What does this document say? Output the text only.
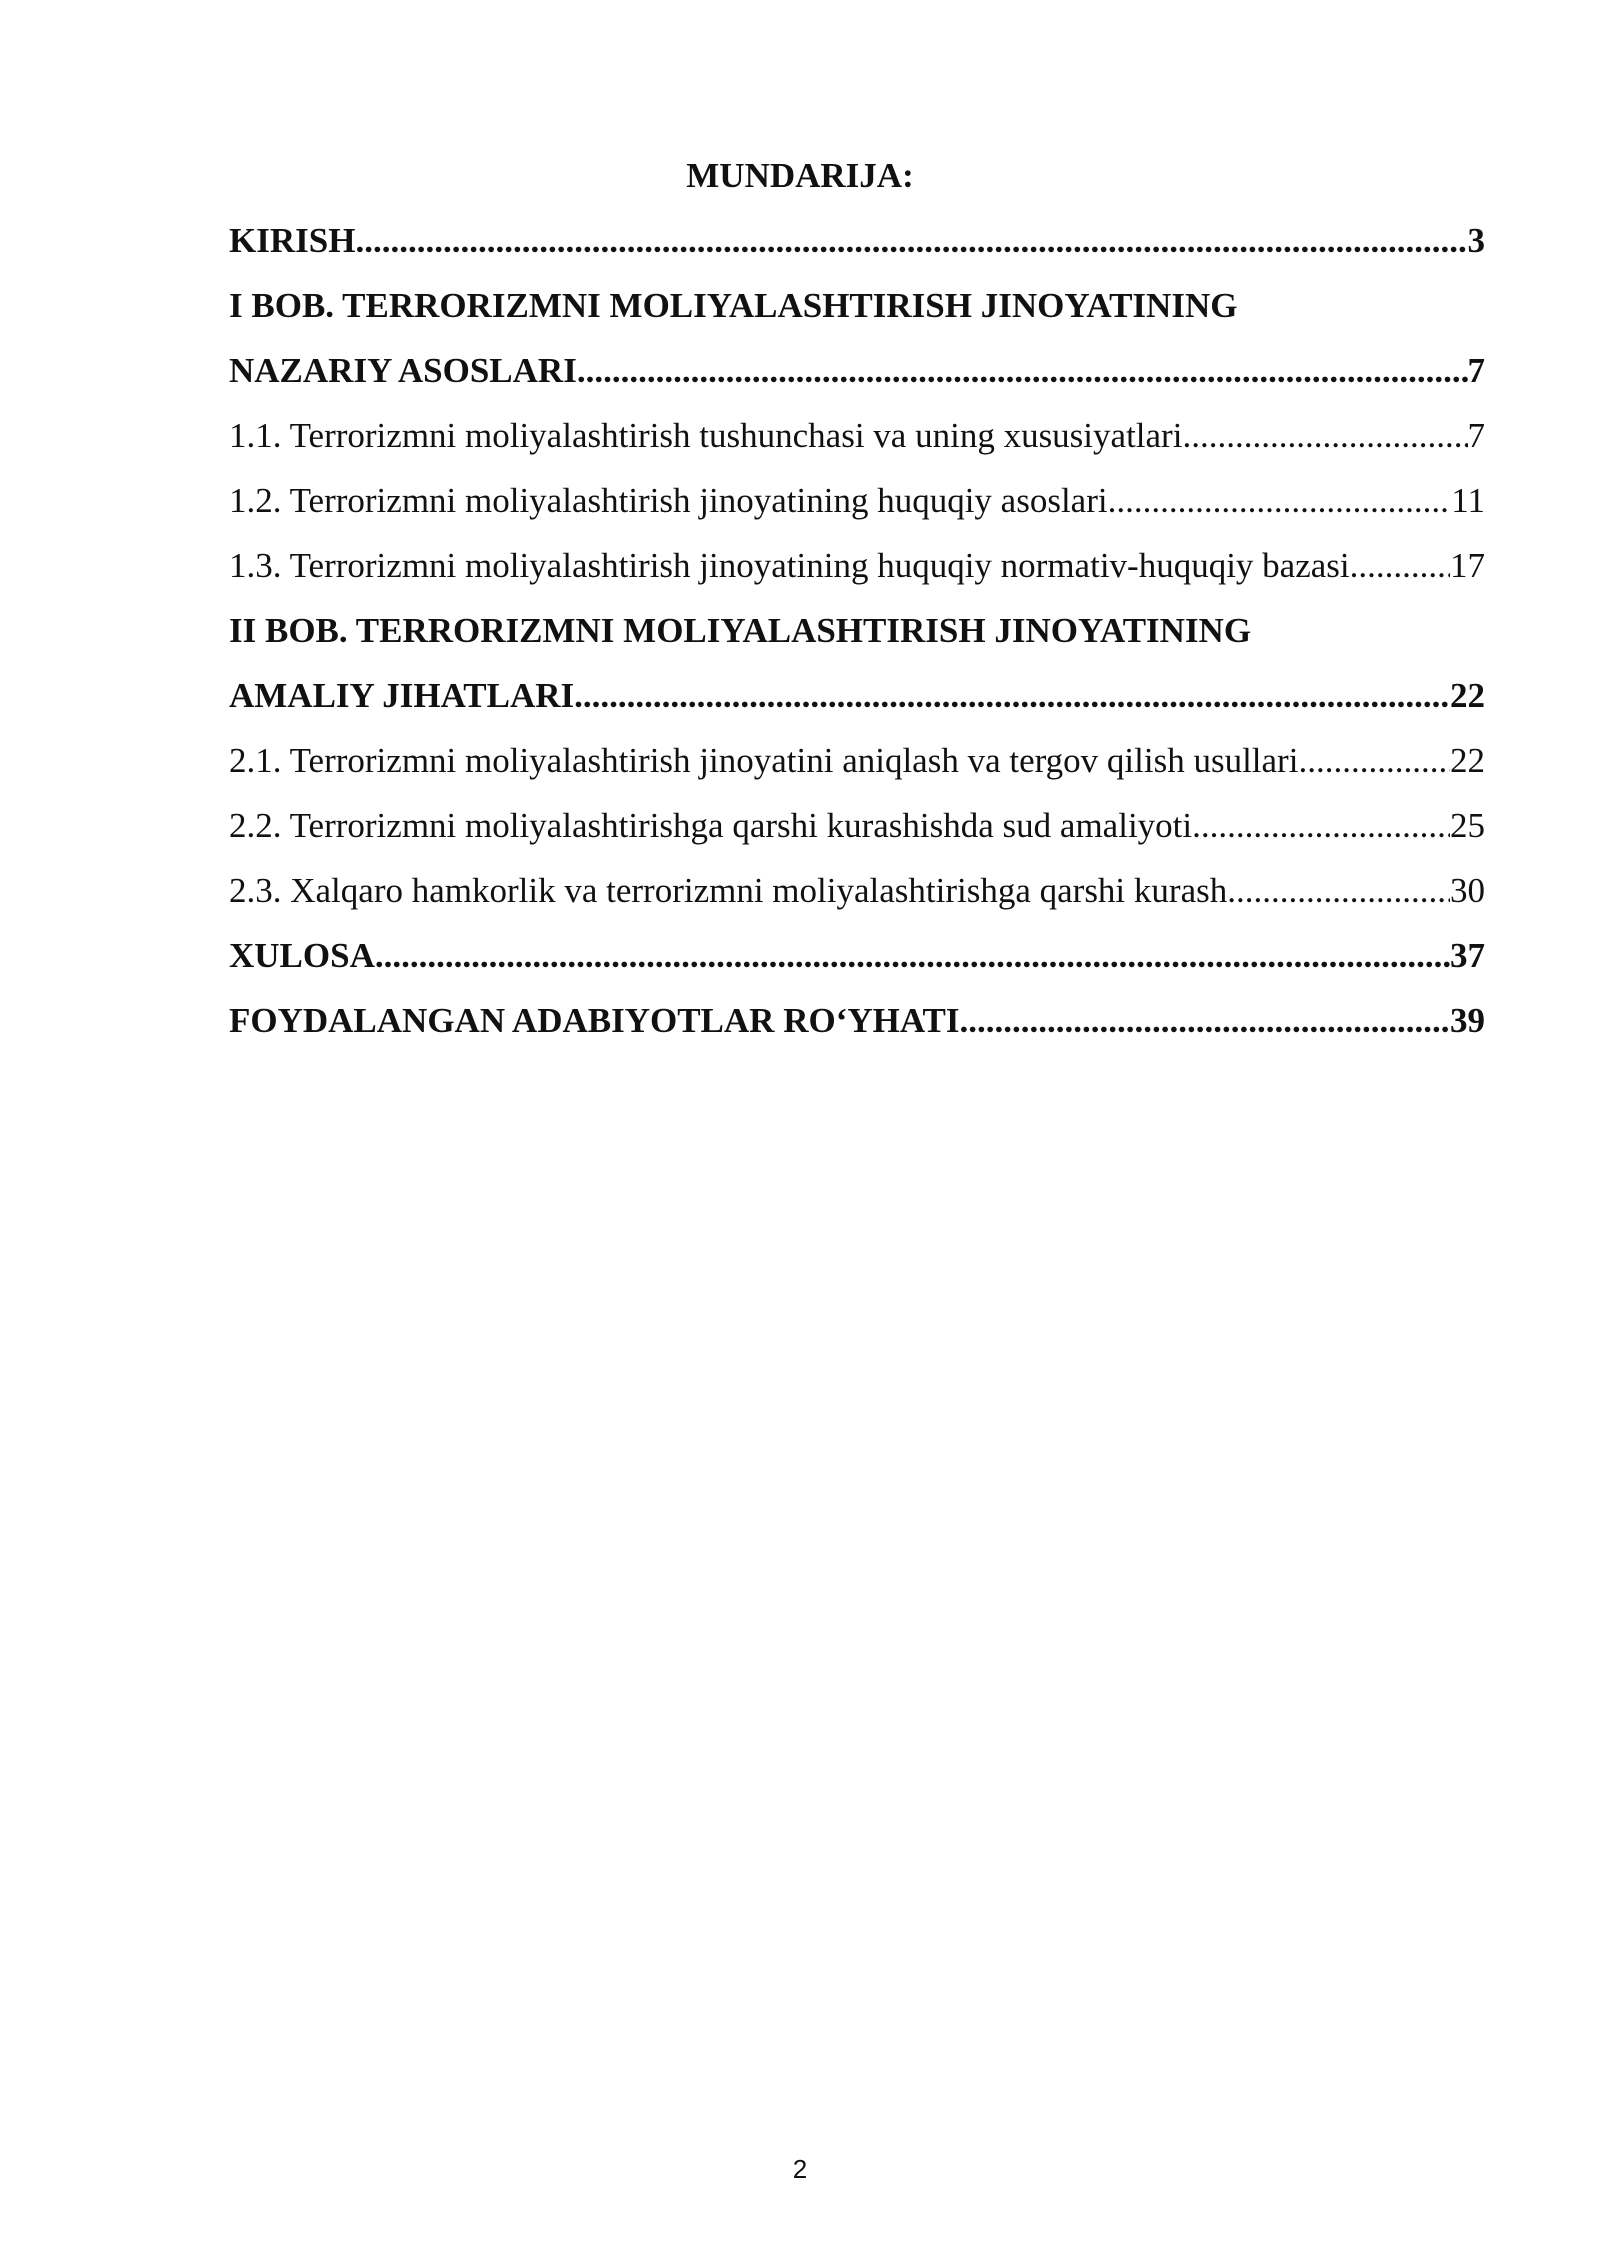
MUNDARIJA:
KIRISH .....	3
I BOB. TERRORIZMNI MOLIYALASHTIRISH JINOYATINING
NAZARIY ASOSLARI .....	7
1.1. Terrorizmni moliyalashtirish tushunchasi va uning xususiyatlari .....	7
1.2. Terrorizmni moliyalashtirish jinoyatining huquqiy asoslari .....	11
1.3. Terrorizmni moliyalashtirish jinoyatining huquqiy normativ-huquqiy bazasi .....	17
II BOB. TERRORIZMNI MOLIYALASHTIRISH JINOYATINING
AMALIY JIHATLARI .....	22
2.1. Terrorizmni moliyalashtirish jinoyatini aniqlash va tergov qilish usullari .....	22
2.2. Terrorizmni moliyalashtirishga qarshi kurashishda sud amaliyoti .....	25
2.3. Xalqaro hamkorlik va terrorizmni moliyalashtirishga qarshi kurash .....	30
XULOSA .....	37
FOYDALANGAN ADABIYOTLAR RO‘YHATI .....	39
2
